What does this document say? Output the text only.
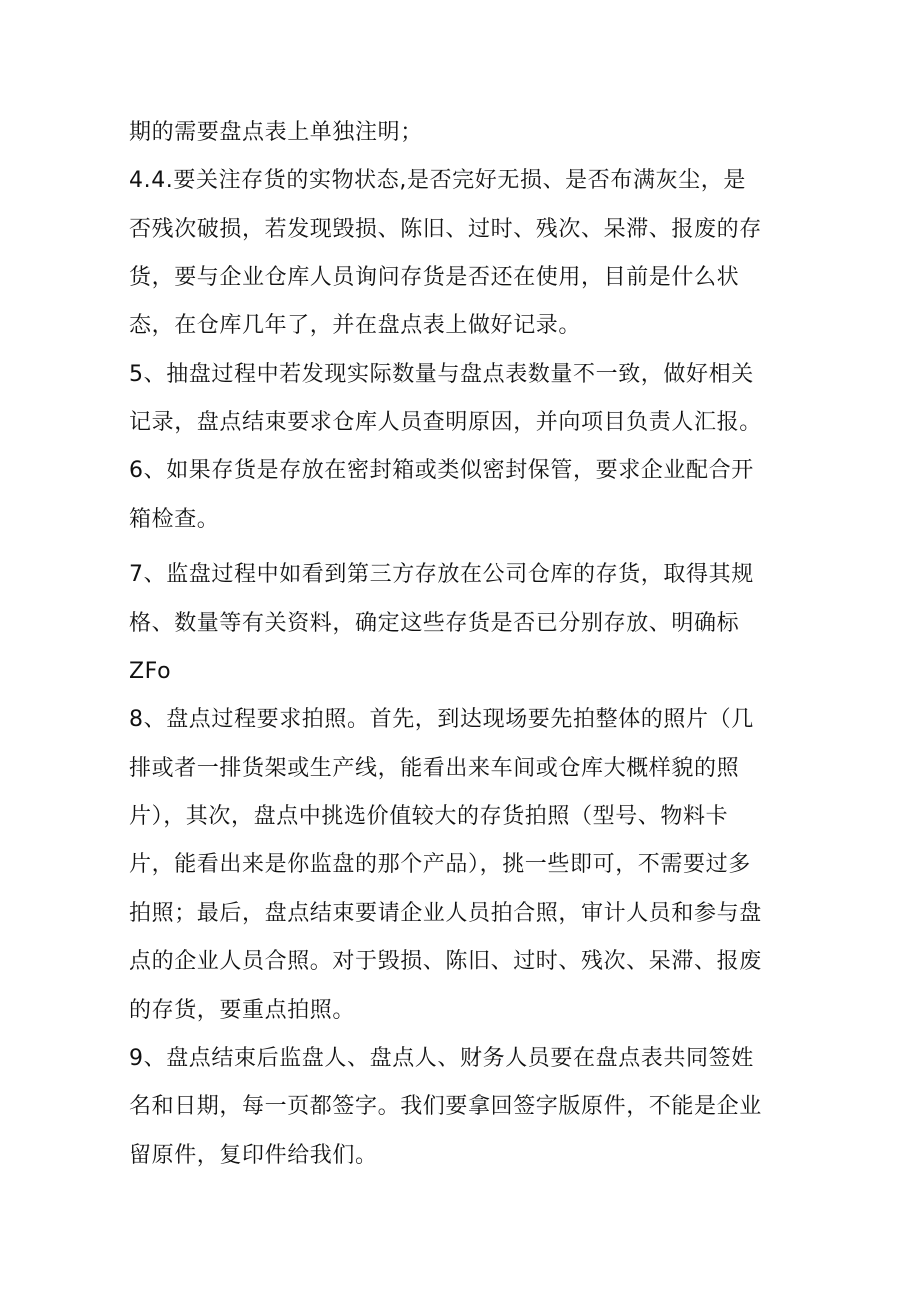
期的需要盘点表上单独注明；
4.4.要关注存货的实物状态,是否完好无损、是否布满灰尘，是
否残次破损，若发现毁损、陈旧、过时、残次、呆滞、报废的存
货，要与企业仓库人员询问存货是否还在使用，目前是什么状
态，在仓库几年了，并在盘点表上做好记录。
5、抽盘过程中若发现实际数量与盘点表数量不一致，做好相关
记录，盘点结束要求仓库人员查明原因，并向项目负责人汇报。
6、如果存货是存放在密封箱或类似密封保管，要求企业配合开
箱检查。
7、监盘过程中如看到第三方存放在公司仓库的存货，取得其规
格、数量等有关资料，确定这些存货是否已分别存放、明确标
ZFo
8、盘点过程要求拍照。首先，到达现场要先拍整体的照片（几
排或者一排货架或生产线，能看出来车间或仓库大概样貌的照
片），其次，盘点中挑选价值较大的存货拍照（型号、物料卡
片，能看出来是你监盘的那个产品），挑一些即可，不需要过多
拍照；最后，盘点结束要请企业人员拍合照，审计人员和参与盘
点的企业人员合照。对于毁损、陈旧、过时、残次、呆滞、报废
的存货，要重点拍照。
9、盘点结束后监盘人、盘点人、财务人员要在盘点表共同签姓
名和日期，每一页都签字。我们要拿回签字版原件，不能是企业
留原件，复印件给我们。
